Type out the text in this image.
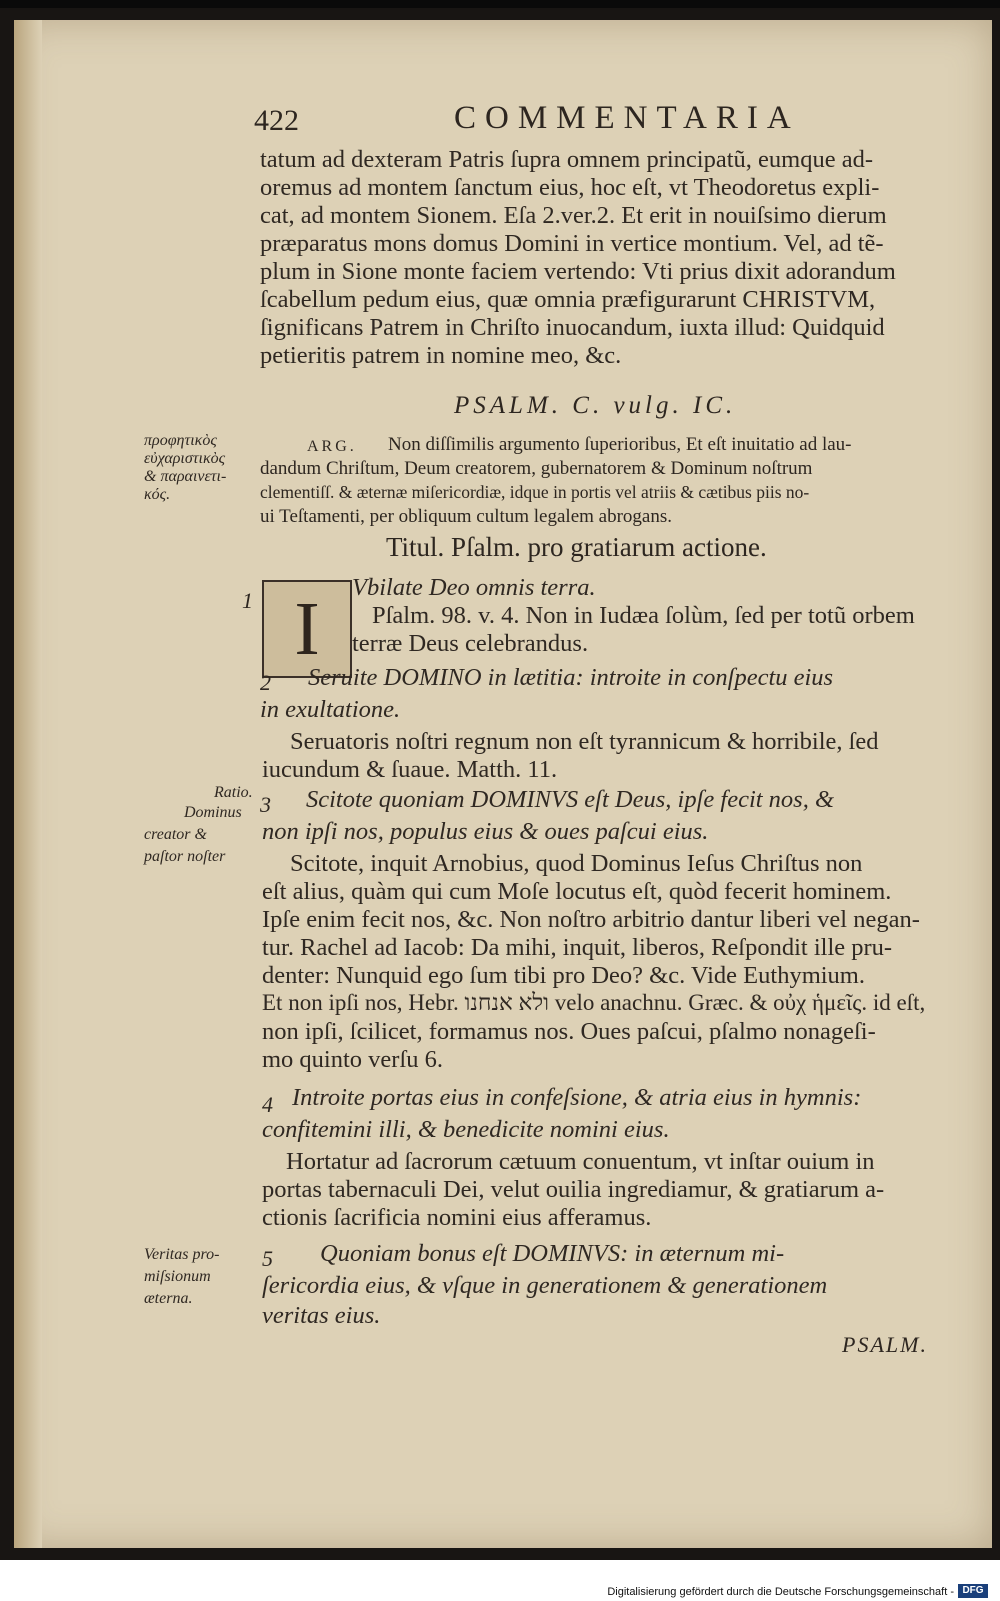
422	COMMENTARIA
tatum ad dexteram Patris ſupra omnem principatũ, eumque ad-
oremus ad montem ſanctum eius, hoc eſt, vt Theodoretus expli-
cat, ad montem Sionem. Eſa 2.ver.2. Et erit in nouiſsimo dierum
præparatus mons domus Domini in vertice montium. Vel, ad tẽ-
plum in Sione monte faciem vertendo: Vti prius dixit adorandum
ſcabellum pedum eius, quæ omnia præfigurarunt CHRISTVM,
ſignificans Patrem in Chriſto inuocandum, iuxta illud: Quidquid
petieritis patrem in nomine meo, &c.
PSALM. C. vulg. IC.
προφητικὸς
εὐχαριστικὸς
& παραινετι-
κός.
ARG. Non diſſimilis argumento ſuperioribus, Et eſt inuitatio ad lau-
dandum Chriſtum, Deum creatorem, gubernatorem & Dominum noſtrum
clementiſſ. & æternæ miſericordiæ, idque in portis vel atriis & cætibus piis no-
ui Teſtamenti, per obliquum cultum legalem abrogans.
Titul. Pſalm. pro gratiarum actione.
1 I	Vbilate Deo omnis terra.
Pſalm. 98. v. 4. Non in Iudæa ſolùm, ſed per totũ orbem
terræ Deus celebrandus.
2 Seruite DOMINO in lætitia: introite in conſpectu eius
in exultatione.
Seruatoris noſtri regnum non eſt tyrannicum & horribile, ſed
iucundum & ſuaue. Matth. 11.
Ratio.
Dominus
creator &
paſtor noſter
3 Scitote quoniam DOMINVS eſt Deus, ipſe fecit nos, &
non ipſi nos, populus eius & oues paſcui eius.
Scitote, inquit Arnobius, quod Dominus Ieſus Chriſtus non
eſt alius, quàm qui cum Moſe locutus eſt, quòd fecerit hominem.
Ipſe enim fecit nos, &c. Non noſtro arbitrio dantur liberi vel negan-
tur. Rachel ad Iacob: Da mihi, inquit, liberos, Reſpondit ille pru-
denter: Nunquid ego ſum tibi pro Deo? &c. Vide Euthymium.
Et non ipſi nos, Hebr. ולא אנחנו velo anachnu. Græc. & οὐχ ἡμεῖς. id eſt,
non ipſi, ſcilicet, formamus nos. Oues paſcui, pſalmo nonageſi-
mo quinto verſu 6.
4 Introite portas eius in confeſsione, & atria eius in hymnis:
confitemini illi, & benedicite nomini eius.
Hortatur ad ſacrorum cætuum conuentum, vt inſtar ouium in
portas tabernaculi Dei, velut ouilia ingrediamur, & gratiarum a-
ctionis ſacrificia nomini eius afferamus.
Veritas pro-
miſsionum
æterna.
5 Quoniam bonus eſt DOMINVS: in æternum mi-
ſericordia eius, & vſque in generationem & generationem
veritas eius.
PSALM.
Digitalisierung gefördert durch die Deutsche Forschungsgemeinschaft - DFG
